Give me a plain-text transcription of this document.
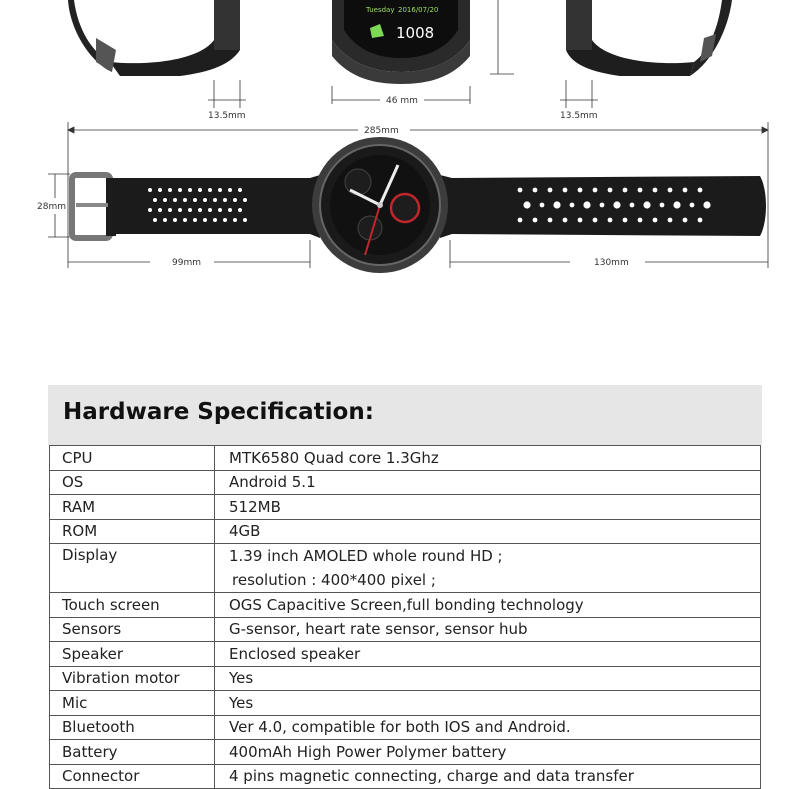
Tuesday 2016/07/20
1008
13.5mm
46 mm
13.5mm
285mm
28mm
99mm	130mm
Hardware Specification:
CPU	MTK6580 Quad core 1.3Ghz
OS	Android 5.1
RAM	512MB
ROM	4GB
Display	1.39 inch AMOLED whole round HD ;
resolution : 400*400 pixel ;

Touch screen	OGS Capacitive Screen,full bonding technology
Sensors	G-sensor, heart rate sensor, sensor hub
Speaker	Enclosed speaker
Vibration motor	Yes
Mic	Yes
Bluetooth	Ver 4.0, compatible for both IOS and Android.
Battery	400mAh High Power Polymer battery
Connector	4 pins magnetic connecting, charge and data transfer
